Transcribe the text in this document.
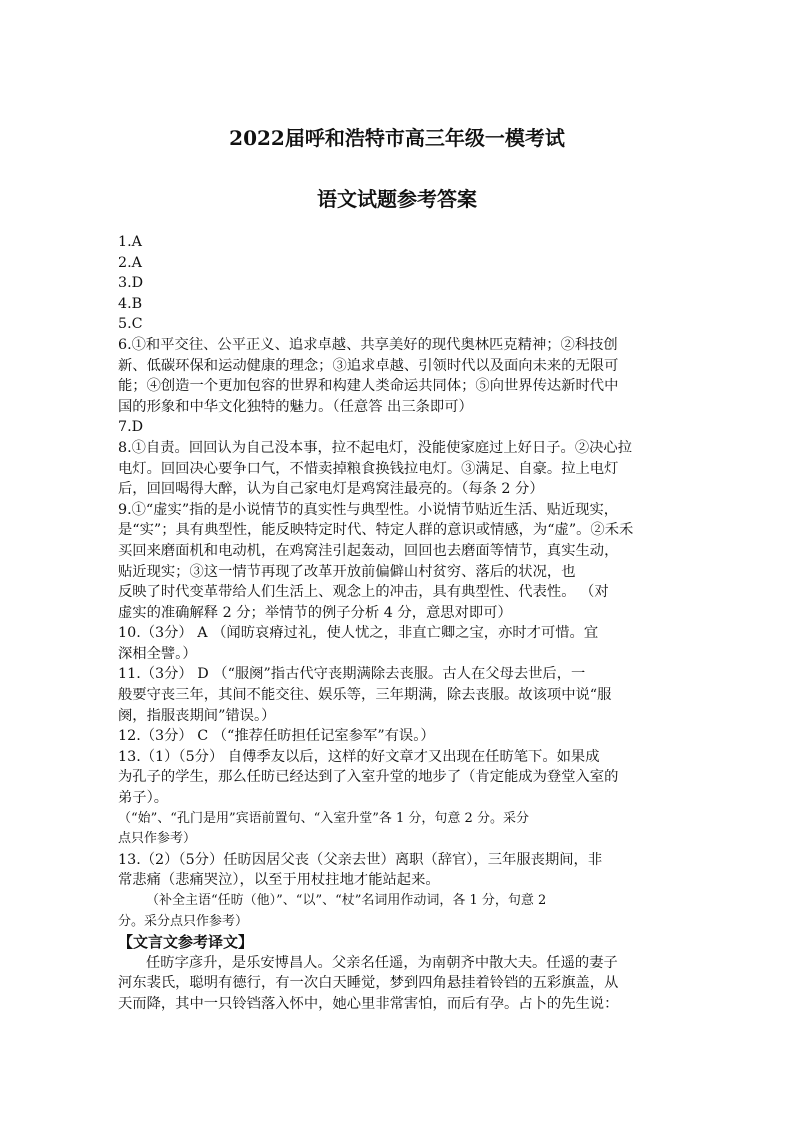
2022届呼和浩特市高三年级一模考试
语文试题参考答案
1.A
2.A
3.D
4.B
5.C
6.①和平交往、公平正义、追求卓越、共享美好的现代奥林匹克精神；②科技创
新、低碳环保和运动健康的理念；③追求卓越、引领时代以及面向未来的无限可
能；④创造一个更加包容的世界和构建人类命运共同体；⑤向世界传达新时代中
国的形象和中华文化独特的魅力。（任意答 出三条即可）
7.D
8.①自责。回回认为自己没本事，拉不起电灯，没能使家庭过上好日子。②决心拉
电灯。回回决心要争口气，不惜卖掉粮食换钱拉电灯。③满足、自豪。拉上电灯
后，回回喝得大醉，认为自己家电灯是鸡窝洼最亮的。（每条 2 分）
9.①“虚实”指的是小说情节的真实性与典型性。小说情节贴近生活、贴近现实，
是“实”；具有典型性，能反映特定时代、特定人群的意识或情感，为“虚”。②禾禾
买回来磨面机和电动机，在鸡窝洼引起轰动，回回也去磨面等情节，真实生动，
贴近现实；③这一情节再现了改革开放前偏僻山村贫穷、落后的状况，也
反映了时代变革带给人们生活上、观念上的冲击，具有典型性、代表性。 （对
虚实的准确解释 2 分；举情节的例子分析 4 分，意思对即可）
10.（3分） A （闻昉哀瘠过礼，使人忧之，非直亡卿之宝，亦时才可惜。宜
深相全譬。）
11.（3分） D （“服阕”指古代守丧期满除去丧服。古人在父母去世后，一
般要守丧三年，其间不能交往、娱乐等，三年期满，除去丧服。故该项中说“服
阕，指服丧期间”错误。）
12.（3分） C （“推荐任昉担任记室参军”有误。）
13.（1）（5分） 自傅季友以后，这样的好文章才又出现在任昉笔下。如果成
为孔子的学生，那么任昉已经达到了入室升堂的地步了（肯定能成为登堂入室的
弟子）。
（“始”、“孔门是用”宾语前置句、“入室升堂”各 1 分，句意 2 分。采分
点只作参考）
13.（2）（5分）任昉因居父丧（父亲去世）离职（辞官），三年服丧期间，非
常悲痛（悲痛哭泣），以至于用杖拄地才能站起来。
（补全主语“任昉（他）”、“以”、“杖”名词用作动词，各 1 分，句意 2
分。采分点只作参考）
【文言文参考译文】
任昉字彦升，是乐安博昌人。父亲名任遥，为南朝齐中散大夫。任遥的妻子
河东裴氏，聪明有德行，有一次白天睡觉，梦到四角悬挂着铃铛的五彩旗盖，从
天而降，其中一只铃铛落入怀中，她心里非常害怕，而后有孕。占卜的先生说：
